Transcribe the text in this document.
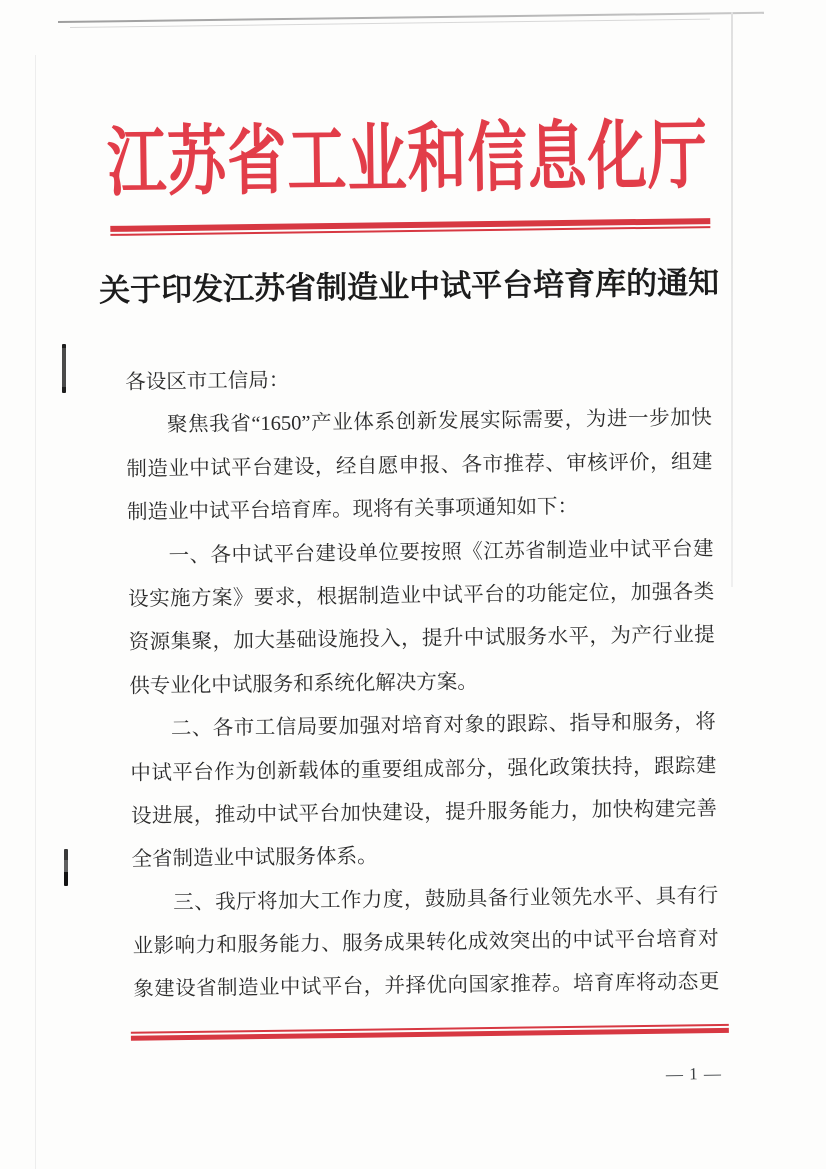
江苏省工业和信息化厅
关于印发江苏省制造业中试平台培育库的通知
各设区市工信局：
聚焦我省“1650”产业体系创新发展实际需要，为进一步加快
制造业中试平台建设，经自愿申报、各市推荐、审核评价，组建
制造业中试平台培育库。现将有关事项通知如下：
一、各中试平台建设单位要按照《江苏省制造业中试平台建
设实施方案》要求，根据制造业中试平台的功能定位，加强各类
资源集聚，加大基础设施投入，提升中试服务水平，为产行业提
供专业化中试服务和系统化解决方案。
二、各市工信局要加强对培育对象的跟踪、指导和服务，将
中试平台作为创新载体的重要组成部分，强化政策扶持，跟踪建
设进展，推动中试平台加快建设，提升服务能力，加快构建完善
全省制造业中试服务体系。
三、我厅将加大工作力度，鼓励具备行业领先水平、具有行
业影响力和服务能力、服务成果转化成效突出的中试平台培育对
象建设省制造业中试平台，并择优向国家推荐。培育库将动态更
— 1 —
